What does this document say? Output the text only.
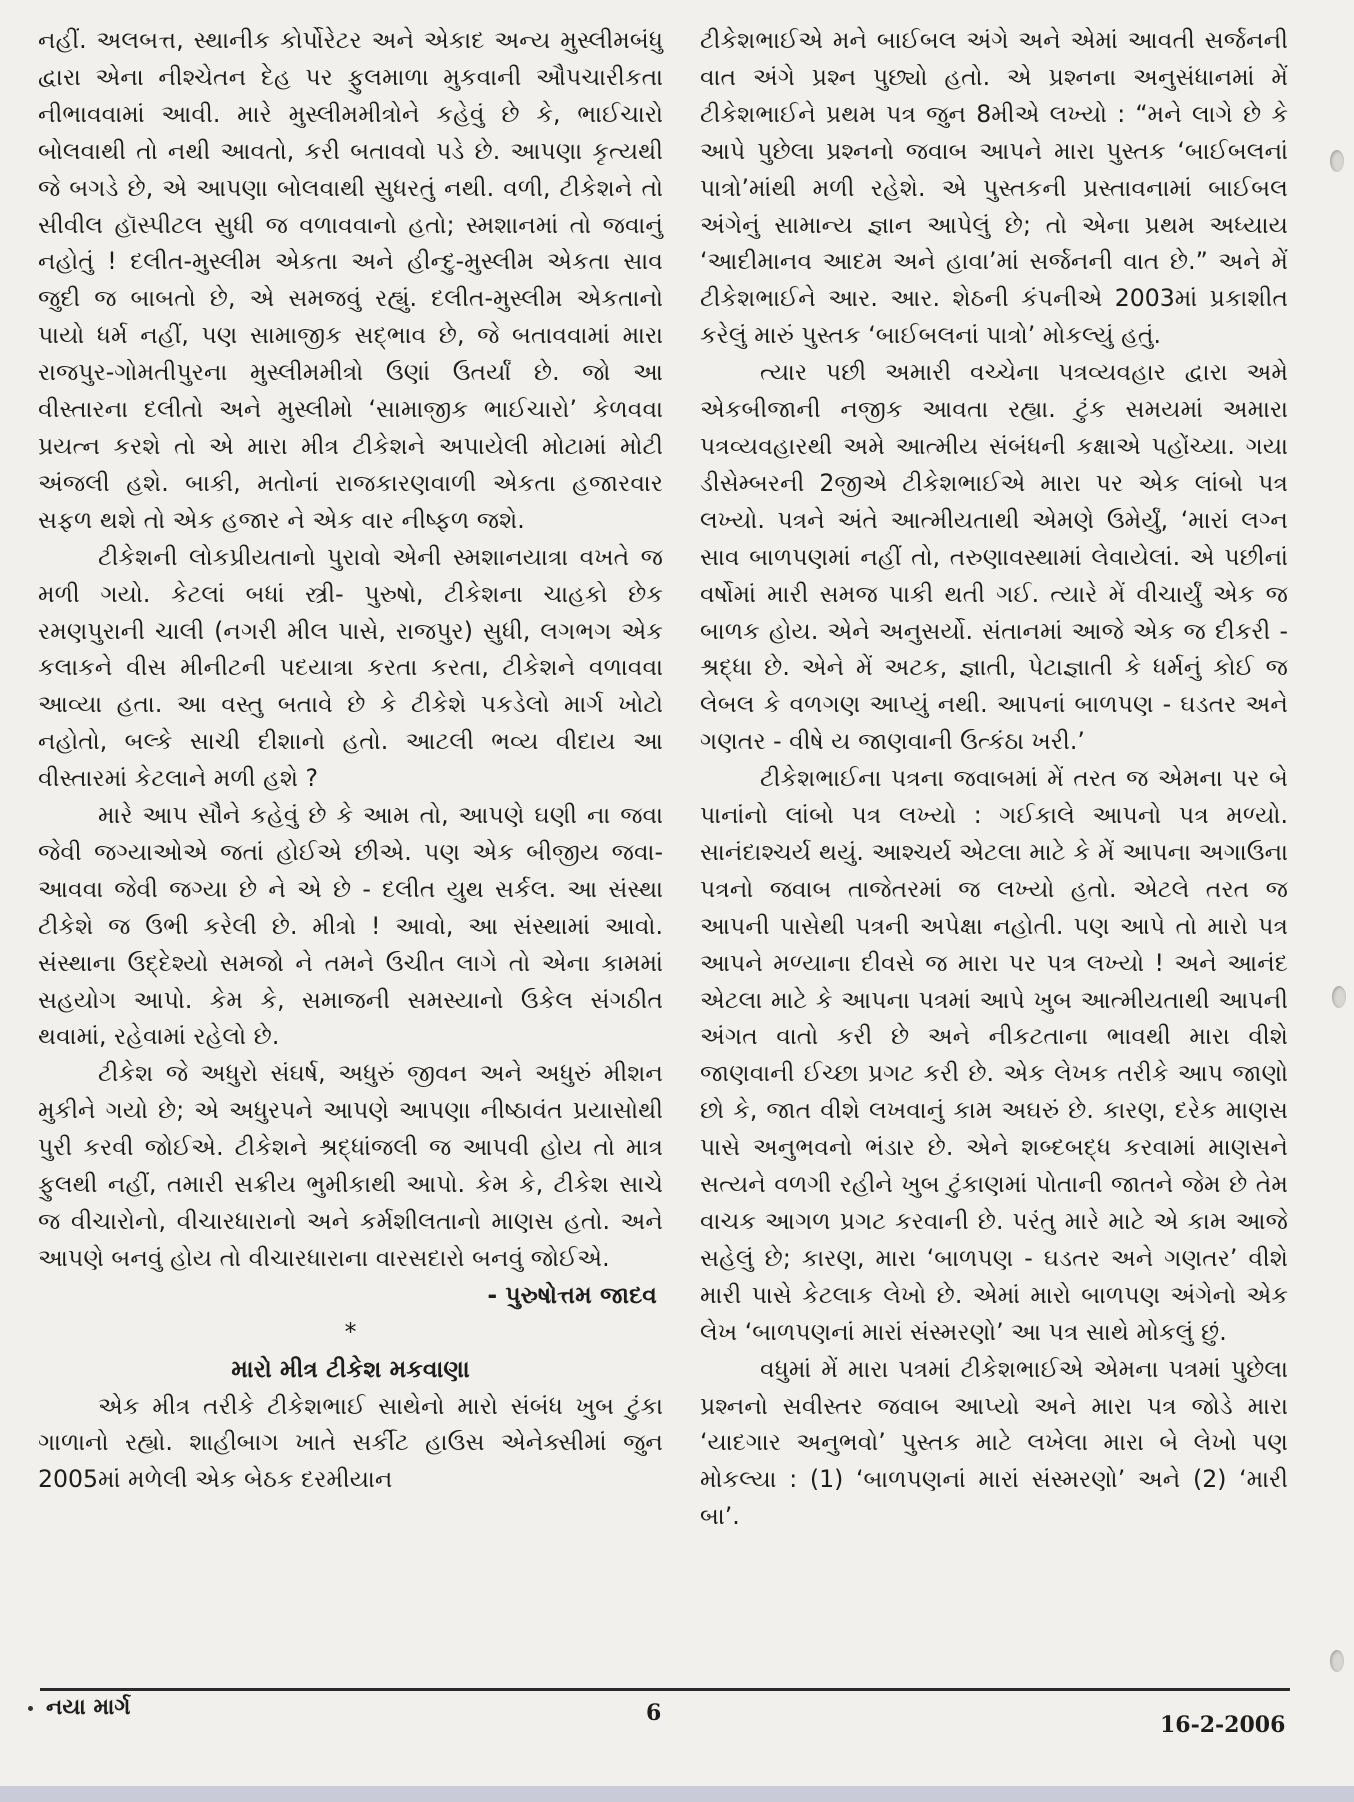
નહીં. અલબત્ત, સ્થાનીક કોર્પોરેટર અને એકાદ અન્ય મુસ્લીમબંધુ દ્વારા એના નીશ્ચેતન દેહ પર ફુલમાળા મુકવાની ઔપચારીકતા નીભાવવામાં આવી. મારે મુસ્લીમમીત્રોને કહેવું છે કે, ભાઈચારો બોલવાથી તો નથી આવતો, કરી બતાવવો પડે છે. આપણા કૃત્યથી જે બગડે છે, એ આપણા બોલવાથી સુધરતું નથી. વળી, ટીકેશને તો સીવીલ હૉસ્પીટલ સુધી જ વળાવવાનો હતો; સ્મશાનમાં તો જવાનું નહોતું ! દલીત-મુસ્લીમ એકતા અને હીન્દુ-મુસ્લીમ એકતા સાવ જુદી જ બાબતો છે, એ સમજવું રહ્યું. દલીત-મુસ્લીમ એકતાનો પાયો ધર્મ નહીં, પણ સામાજીક સદ્ભાવ છે, જે બતાવવામાં મારા રાજપુર-ગોમતીપુરના મુસ્લીમમીત્રો ઉણાં ઉતર્યાં છે. જો આ વીસ્તારના દલીતો અને મુસ્લીમો ‘સામાજીક ભાઈચારો’ કેળવવા પ્રયત્ન કરશે તો એ મારા મીત્ર ટીકેશને અપાયેલી મોટામાં મોટી અંજલી હશે. બાકી, મતોનાં રાજકારણવાળી એકતા હજારવાર સફળ થશે તો એક હજાર ને એક વાર નીષ્ફળ જશે.

ટીકેશની લોકપ્રીયતાનો પુરાવો એની સ્મશાનયાત્રા વખતે જ મળી ગયો. કેટલાં બધાં સ્ત્રી- પુરુષો, ટીકેશના ચાહકો છેક રમણપુરાની ચાલી (નગરી મીલ પાસે, રાજપુર) સુધી, લગભગ એક કલાકને વીસ મીનીટની પદયાત્રા કરતા કરતા, ટીકેશને વળાવવા આવ્યા હતા. આ વસ્તુ બતાવે છે કે ટીકેશે પકડેલો માર્ગ ખોટો નહોતો, બલ્કે સાચી દીશાનો હતો. આટલી ભવ્ય વીદાય આ વીસ્તારમાં કેટલાને મળી હશે ?

મારે આપ સૌને કહેવું છે કે આમ તો, આપણે ઘણી ના જવા જેવી જગ્યાઓએ જતાં હોઈએ છીએ. પણ એક બીજીય જવા-આવવા જેવી જગ્યા છે ને એ છે - દલીત યુથ સર્કલ. આ સંસ્થા ટીકેશે જ ઉભી કરેલી છે. મીત્રો ! આવો, આ સંસ્થામાં આવો. સંસ્થાના ઉદ્દેશ્યો સમજો ને તમને ઉચીત લાગે તો એના કામમાં સહયોગ આપો. કેમ કે, સમાજની સમસ્યાનો ઉકેલ સંગઠીત થવામાં, રહેવામાં રહેલો છે.

ટીકેશ જે અધુરો સંઘર્ષ, અધુરું જીવન અને અધુરું મીશન મુકીને ગયો છે; એ અધુરપને આપણે આપણા નીષ્ઠાવંત પ્રયાસોથી પુરી કરવી જોઈએ. ટીકેશને શ્રદ્ધાંજલી જ આપવી હોય તો માત્ર ફુલથી નહીં, તમારી સક્રીય ભુમીકાથી આપો. કેમ કે, ટીકેશ સાચે જ વીચારોનો, વીચારધારાનો અને કર્મશીલતાનો માણસ હતો. અને આપણે બનવું હોય તો વીચારધારાના વારસદારો બનવું જોઈએ.

- પુરુષોત્તમ જાદવ

*

મારો મીત્ર ટીકેશ મકવાણા

એક મીત્ર તરીકે ટીકેશભાઈ સાથેનો મારો સંબંધ ખુબ ટુંકા ગાળાનો રહ્યો. શાહીબાગ ખાતે સર્કીટ હાઉસ એનેક્સીમાં જુન 2005માં મળેલી એક બેઠક દરમીયાન

ટીકેશભાઈએ મને બાઈબલ અંગે અને એમાં આવતી સર્જનની વાત અંગે પ્રશ્ન પુછ્યો હતો. એ પ્રશ્નના અનુસંધાનમાં મેં ટીકેશભાઈને પ્રથમ પત્ર જુન 8મીએ લખ્યો : “મને લાગે છે કે આપે પુછેલા પ્રશ્નનો જવાબ આપને મારા પુસ્તક ‘બાઈબલનાં પાત્રો’માંથી મળી રહેશે. એ પુસ્તકની પ્રસ્તાવનામાં બાઈબલ અંગેનું સામાન્ય જ્ઞાન આપેલું છે; તો એના પ્રથમ અધ્યાય ‘આદીમાનવ આદમ અને હાવા’માં સર્જનની વાત છે.” અને મેં ટીકેશભાઈને આર. આર. શેઠની કંપનીએ 2003માં પ્રકાશીત કરેલું મારું પુસ્તક ‘બાઈબલનાં પાત્રો’ મોકલ્યું હતું.

ત્યાર પછી અમારી વચ્ચેના પત્રવ્યવહાર દ્વારા અમે એકબીજાની નજીક આવતા રહ્યા. ટુંક સમયમાં અમારા પત્રવ્યવહારથી અમે આત્મીય સંબંધની કક્ષાએ પહોંચ્યા. ગયા ડીસેમ્બરની 2જીએ ટીકેશભાઈએ મારા પર એક લાંબો પત્ર લખ્યો. પત્રને અંતે આત્મીયતાથી એમણે ઉમેર્યું, ‘મારાં લગ્ન સાવ બાળપણમાં નહીં તો, તરુણાવસ્થામાં લેવાયેલાં. એ પછીનાં વર્ષોમાં મારી સમજ પાકી થતી ગઈ. ત્યારે મેં વીચાર્યું એક જ બાળક હોય. એને અનુસર્યો. સંતાનમાં આજે એક જ દીકરી - શ્રદ્ધા છે. એને મેં અટક, જ્ઞાતી, પેટાજ્ઞાતી કે ધર્મનું કોઈ જ લેબલ કે વળગણ આપ્યું નથી. આપનાં બાળપણ - ઘડતર અને ગણતર - વીષે ય જાણવાની ઉત્કંઠા ખરી.’

ટીકેશભાઈના પત્રના જવાબમાં મેં તરત જ એમના પર બે પાનાંનો લાંબો પત્ર લખ્યો : ગઈકાલે આપનો પત્ર મળ્યો. સાનંદાશ્ચર્ય થયું. આશ્ચર્ય એટલા માટે કે મેં આપના અગાઉના પત્રનો જવાબ તાજેતરમાં જ લખ્યો હતો. એટલે તરત જ આપની પાસેથી પત્રની અપેક્ષા નહોતી. પણ આપે તો મારો પત્ર આપને મળ્યાના દીવસે જ મારા પર પત્ર લખ્યો ! અને આનંદ એટલા માટે કે આપના પત્રમાં આપે ખુબ આત્મીયતાથી આપની અંગત વાતો કરી છે અને નીકટતાના ભાવથી મારા વીશે જાણવાની ઈચ્છા પ્રગટ કરી છે. એક લેખક તરીકે આપ જાણો છો કે, જાત વીશે લખવાનું કામ અઘરું છે. કારણ, દરેક માણસ પાસે અનુભવનો ભંડાર છે. એને શબ્દબદ્ધ કરવામાં માણસને સત્યને વળગી રહીને ખુબ ટુંકાણમાં પોતાની જાતને જેમ છે તેમ વાચક આગળ પ્રગટ કરવાની છે. પરંતુ મારે માટે એ કામ આજે સહેલું છે; કારણ, મારા ‘બાળપણ - ઘડતર અને ગણતર’ વીશે મારી પાસે કેટલાક લેખો છે. એમાં મારો બાળપણ અંગેનો એક લેખ ‘બાળપણનાં મારાં સંસ્મરણો’ આ પત્ર સાથે મોકલું છું.

વધુમાં મેં મારા પત્રમાં ટીકેશભાઈએ એમના પત્રમાં પુછેલા પ્રશ્નનો સવીસ્તર જવાબ આપ્યો અને મારા પત્ર જોડે મારા ‘યાદગાર અનુભવો’ પુસ્તક માટે લખેલા મારા બે લેખો પણ મોકલ્યા : (1) ‘બાળપણનાં મારાં સંસ્મરણો’ અને (2) ‘મારી બા’.

નયા માર્ગ	6	16-2-2006
